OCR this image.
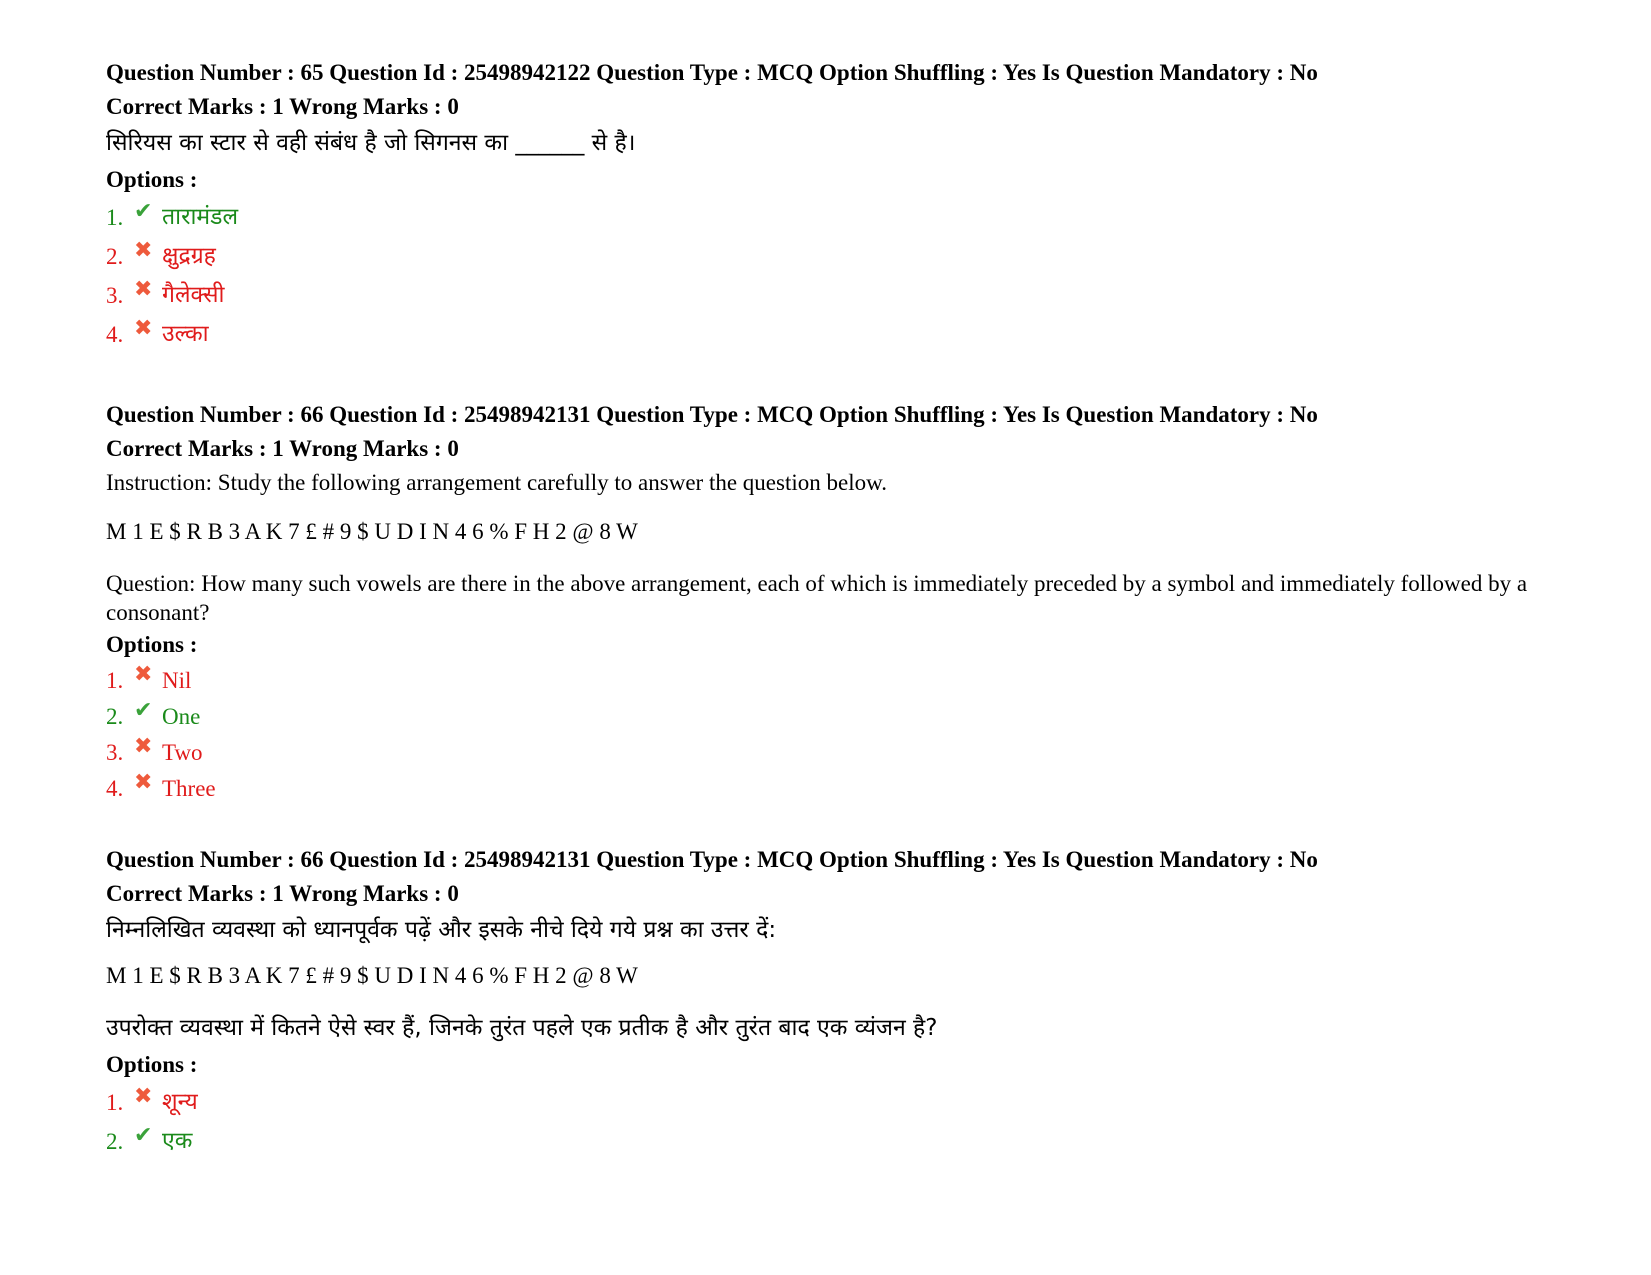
Question Number : 65 Question Id : 25498942122 Question Type : MCQ Option Shuffling : Yes Is Question Mandatory : No
Correct Marks : 1 Wrong Marks : 0
सिरियस का स्टार से वही संबंध है जो सिगनस का ______ से है।
Options :
1. ✔ तारामंडल
2. ✖ क्षुद्रग्रह
3. ✖ गैलेक्सी
4. ✖ उल्का
Question Number : 66 Question Id : 25498942131 Question Type : MCQ Option Shuffling : Yes Is Question Mandatory : No
Correct Marks : 1 Wrong Marks : 0
Instruction: Study the following arrangement carefully to answer the question below.
M 1 E $ R B 3 A K 7 £ # 9 $ U D I N 4 6 % F H 2 @ 8 W
Question: How many such vowels are there in the above arrangement, each of which is immediately preceded by a symbol and immediately followed by a consonant?
Options :
1. ✖ Nil
2. ✔ One
3. ✖ Two
4. ✖ Three
Question Number : 66 Question Id : 25498942131 Question Type : MCQ Option Shuffling : Yes Is Question Mandatory : No
Correct Marks : 1 Wrong Marks : 0
निम्नलिखित व्यवस्था को ध्यानपूर्वक पढ़ें और इसके नीचे दिये गये प्रश्न का उत्तर दें:
M 1 E $ R B 3 A K 7 £ # 9 $ U D I N 4 6 % F H 2 @ 8 W
उपरोक्त व्यवस्था में कितने ऐसे स्वर हैं, जिनके तुरंत पहले एक प्रतीक है और तुरंत बाद एक व्यंजन है?
Options :
1. ✖ शून्य
2. ✔ एक
